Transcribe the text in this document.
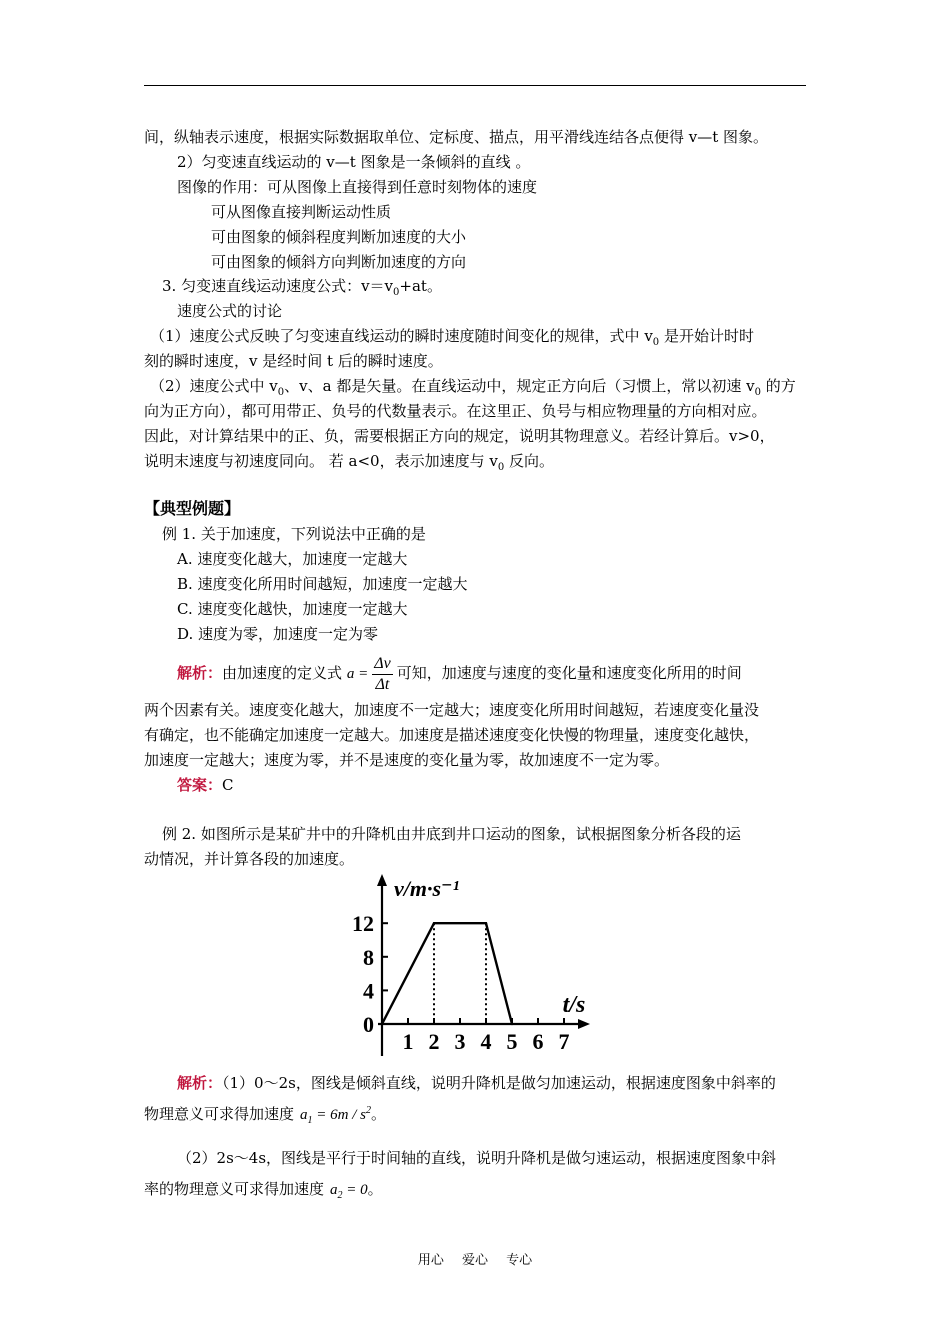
间，纵轴表示速度，根据实际数据取单位、定标度、描点，用平滑线连结各点便得 v—t 图象。
2）匀变速直线运动的 v—t 图象是一条倾斜的直线 。
图像的作用：可从图像上直接得到任意时刻物体的速度
可从图像直接判断运动性质
可由图象的倾斜程度判断加速度的大小
可由图象的倾斜方向判断加速度的方向
3. 匀变速直线运动速度公式：$v=v_0+at$。
速度公式的讨论
（1）速度公式反映了匀变速直线运动的瞬时速度随时间变化的规律，式中 $v_0$ 是开始计时时
刻的瞬时速度，v 是经时间 t 后的瞬时速度。
（2）速度公式中 $v_0$、v、a 都是矢量。在直线运动中，规定正方向后（习惯上，常以初速 $v_0$ 的方
向为正方向），都可用带正、负号的代数量表示。在这里正、负号与相应物理量的方向相对应。
因此，对计算结果中的正、负，需要根据正方向的规定，说明其物理意义。若经计算后。v>0，
说明末速度与初速度同向。 若 a<0，表示加速度与 $v_0$ 反向。
【典型例题】
例 1. 关于加速度，下列说法中正确的是
A. 速度变化越大，加速度一定越大
B. 速度变化所用时间越短，加速度一定越大
C. 速度变化越快，加速度一定越大
D. 速度为零，加速度一定为零
解析：由加速度的定义式 $a = \frac{\Delta v}{\Delta t}$ 可知，加速度与速度的变化量和速度变化所用的时间
两个因素有关。速度变化越大，加速度不一定越大；速度变化所用时间越短，若速度变化量没
有确定，也不能确定加速度一定越大。加速度是描述速度变化快慢的物理量，速度变化越快，
加速度一定越大；速度为零，并不是速度的变化量为零，故加速度不一定为零。
答案：C
例 2. 如图所示是某矿井中的升降机由井底到井口运动的图象，试根据图象分析各段的运
动情况，并计算各段的加速度。
0
4
8
12
1 2 3 4 5 6 7
v/m·s⁻¹
t/s
解析：（1）0～2s，图线是倾斜直线，说明升降机是做匀加速运动，根据速度图象中斜率的
物理意义可求得加速度 $a_1 = 6m / s^2$。
（2）2s～4s，图线是平行于时间轴的直线，说明升降机是做匀速运动，根据速度图象中斜
率的物理意义可求得加速度 $a_2 = 0$。
用心 爱心 专心
